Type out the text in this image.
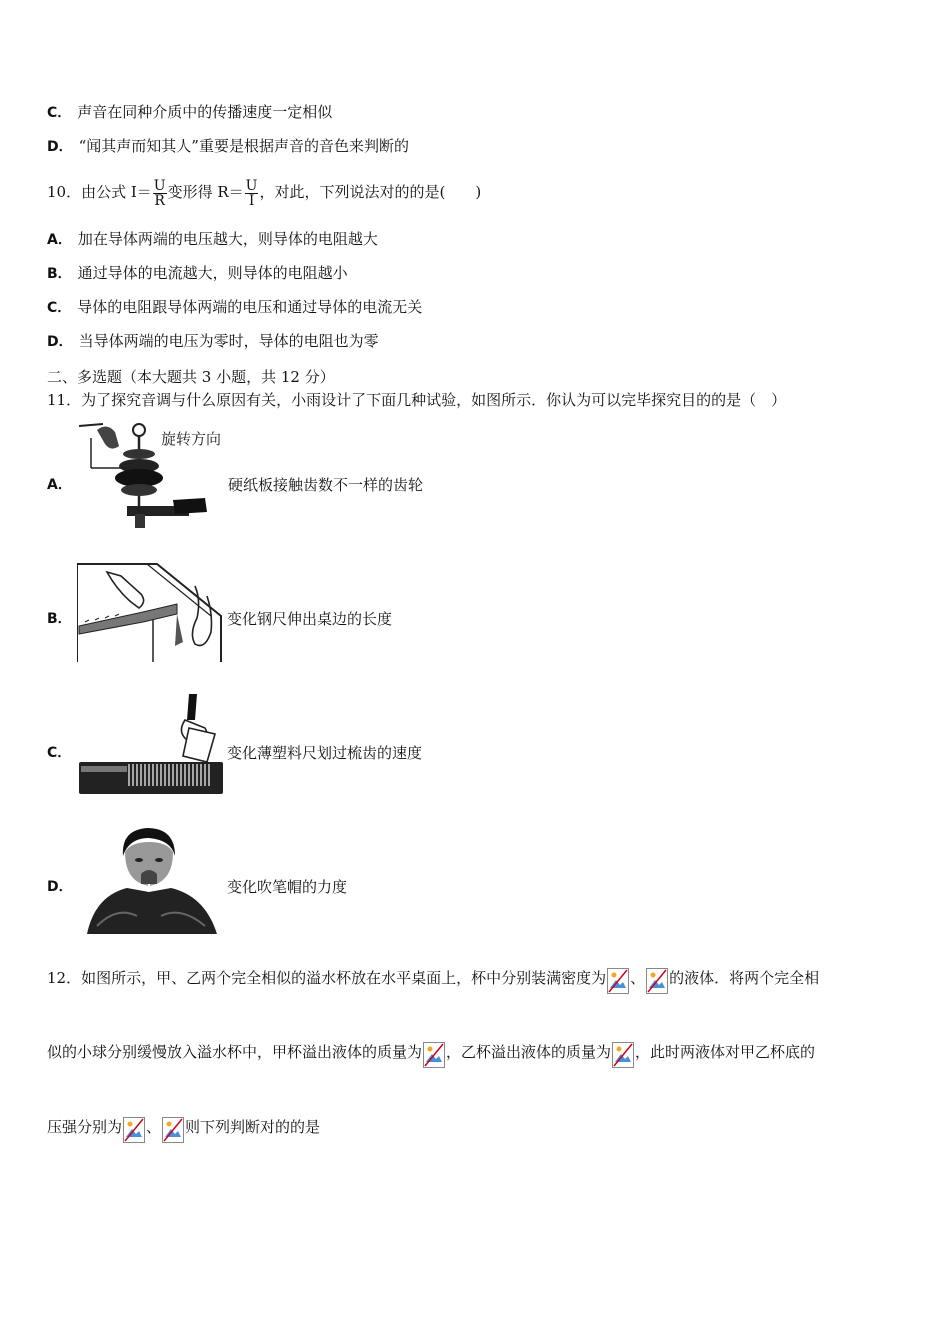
C． 声音在同种介质中的传播速度一定相似
D． “闻其声而知其人”重要是根据声音的音色来判断的
10．由公式 $I= \frac{U}{R}$ 变形得 $R= \frac{U}{I}$ ，对此，下列说法对的的是(　　)
A． 加在导体两端的电压越大，则导体的电阻越大
B． 通过导体的电流越大，则导体的电阻越小
C． 导体的电阻跟导体两端的电压和通过导体的电流无关
D． 当导体两端的电压为零时，导体的电阻也为零
二、多选题（本大题共 3 小题，共 12 分）
11．为了探究音调与什么原因有关，小雨设计了下面几种试验，如图所示．你认为可以完毕探究目的的是（　）
A．
旋转方向
硬纸板接触齿数不一样的齿轮
B．	变化钢尺伸出桌边的长度
C．	变化薄塑料尺划过梳齿的速度
D．	变化吹笔帽的力度
12．如图所示，甲、乙两个完全相似的溢水杯放在水平桌面上，杯中分别装满密度为 、 的液体．将两个完全相
似的小球分别缓慢放入溢水杯中，甲杯溢出液体的质量为 ，乙杯溢出液体的质量为 ，此时两液体对甲乙杯底的
压强分别为 、 则下列判断对的的是
